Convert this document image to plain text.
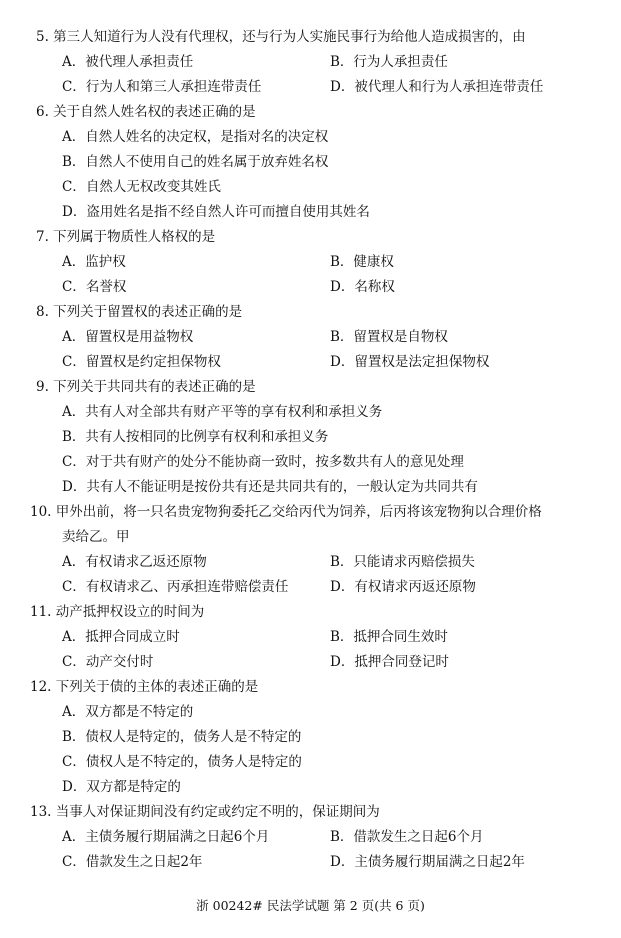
5. 第三人知道行为人没有代理权，还与行为人实施民事行为给他人造成损害的，由
A．被代理人承担责任	B．行为人承担责任
C．行为人和第三人承担连带责任	D．被代理人和行为人承担连带责任
6. 关于自然人姓名权的表述正确的是
A．自然人姓名的决定权，是指对名的决定权
B．自然人不使用自己的姓名属于放弃姓名权
C．自然人无权改变其姓氏
D．盗用姓名是指不经自然人许可而擅自使用其姓名
7. 下列属于物质性人格权的是
A．监护权	B．健康权
C．名誉权	D．名称权
8. 下列关于留置权的表述正确的是
A．留置权是用益物权	B．留置权是自物权
C．留置权是约定担保物权	D．留置权是法定担保物权
9. 下列关于共同共有的表述正确的是
A．共有人对全部共有财产平等的享有权利和承担义务
B．共有人按相同的比例享有权利和承担义务
C．对于共有财产的处分不能协商一致时，按多数共有人的意见处理
D．共有人不能证明是按份共有还是共同共有的，一般认定为共同共有
10. 甲外出前，将一只名贵宠物狗委托乙交给丙代为饲养，后丙将该宠物狗以合理价格
卖给乙。甲
A．有权请求乙返还原物	B．只能请求丙赔偿损失
C．有权请求乙、丙承担连带赔偿责任	D．有权请求丙返还原物
11. 动产抵押权设立的时间为
A．抵押合同成立时	B．抵押合同生效时
C．动产交付时	D．抵押合同登记时
12. 下列关于债的主体的表述正确的是
A．双方都是不特定的
B．债权人是特定的，债务人是不特定的
C．债权人是不特定的，债务人是特定的
D．双方都是特定的
13. 当事人对保证期间没有约定或约定不明的，保证期间为
A．主债务履行期届满之日起6个月	B．借款发生之日起6个月
C．借款发生之日起2年	D．主债务履行期届满之日起2年
浙 00242# 民法学试题 第 2 页(共 6 页)
